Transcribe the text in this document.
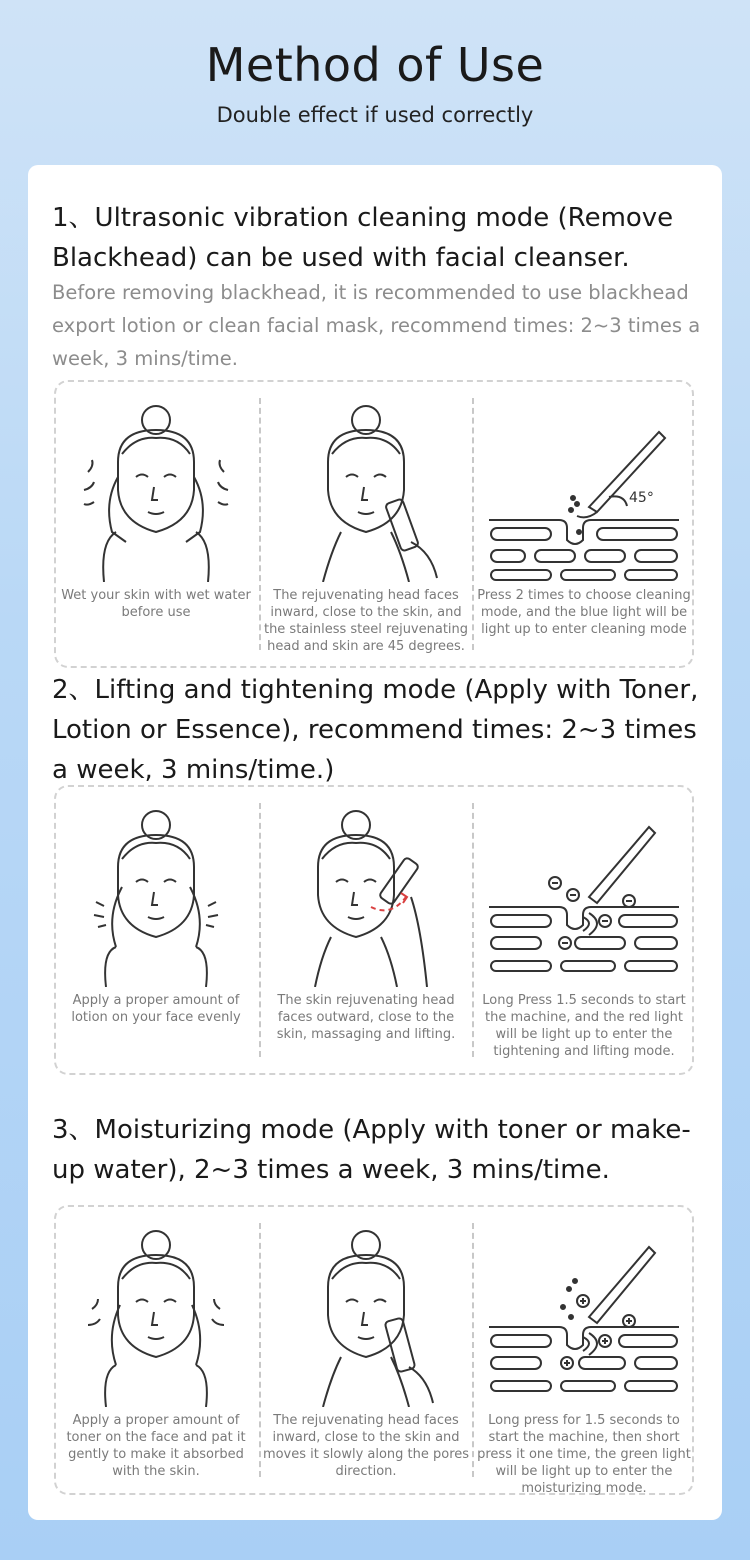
Method of Use
Double effect if used correctly
1、Ultrasonic vibration cleaning mode (Remove Blackhead) can be used with facial cleanser.
Before removing blackhead, it is recommended to use blackhead export lotion or clean facial mask, recommend times: 2~3 times a week, 3 mins/time.
Wet your skin with wet water before use
The rejuvenating head faces inward, close to the skin, and the stainless steel rejuvenating head and skin are 45 degrees.
45°
Press 2 times to choose cleaning mode, and the blue light will be light up to enter cleaning mode
2、Lifting and tightening mode (Apply with Toner, Lotion or Essence), recommend times: 2~3 times a week, 3 mins/time.)
Apply a proper amount of lotion on your face evenly
The skin rejuvenating head faces outward, close to the skin, massaging and lifting.
Long Press 1.5 seconds to start the machine, and the red light will be light up to enter the tightening and lifting mode.
3、Moisturizing mode (Apply with toner or make-up water), 2~3 times a week, 3 mins/time.
Apply a proper amount of toner on the face and pat it gently to make it absorbed with the skin.
The rejuvenating head faces inward, close to the skin and moves it slowly along the pores direction.
Long press for 1.5 seconds to start the machine, then short press it one time, the green light will be light up to enter the moisturizing mode.
